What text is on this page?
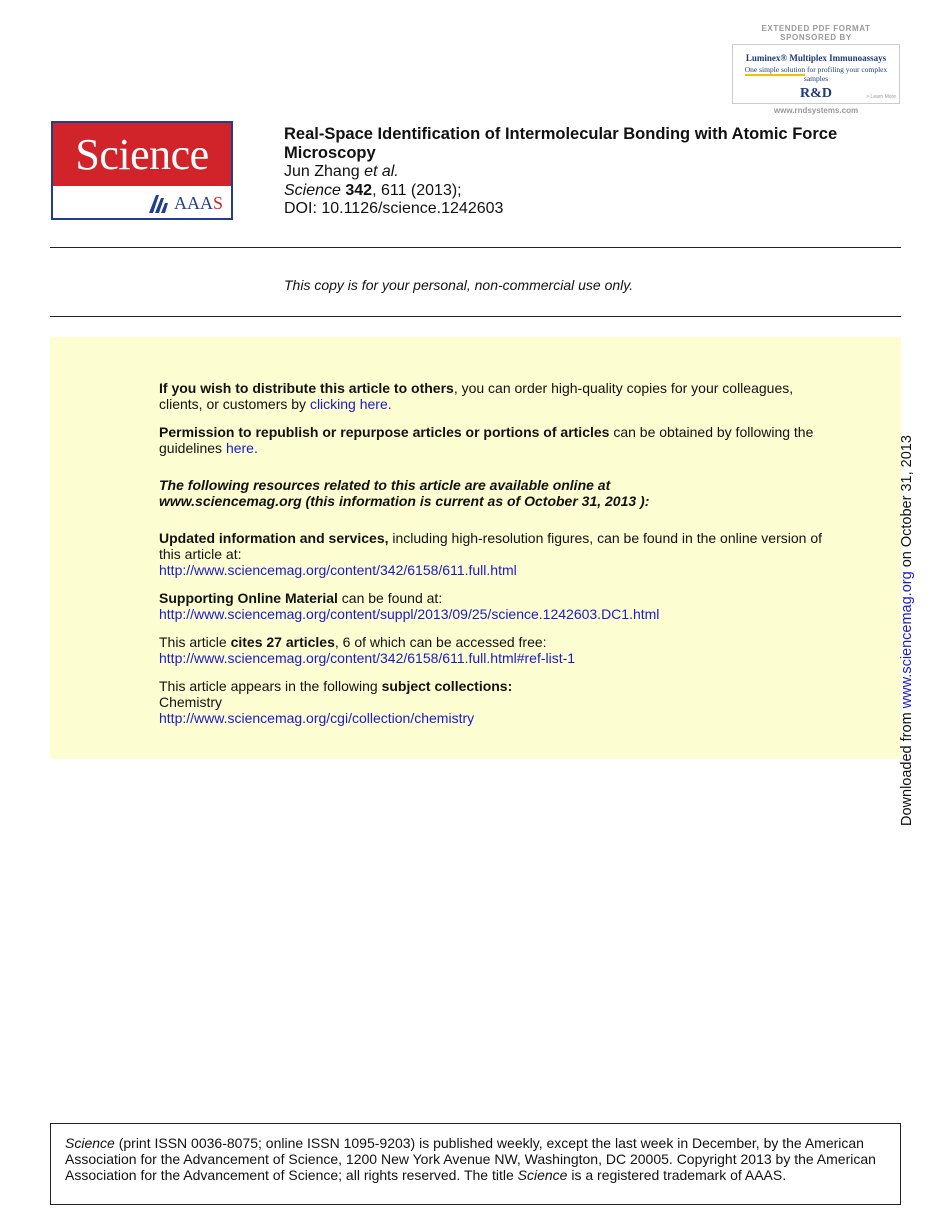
EXTENDED PDF FORMAT
SPONSORED BY
Luminex® Multiplex Immunoassays
One simple solution for profiling your complex samples
R&D	> Learn More
www.rndsystems.com
Science
AAAS

Real-Space Identification of Intermolecular Bonding with Atomic Force Microscopy

Jun Zhang et al.
Science 342, 611 (2013);
DOI: 10.1126/science.1242603
This copy is for your personal, non-commercial use only.

If you wish to distribute this article to others, you can order high-quality copies for your colleagues, clients, or customers by clicking here.

Permission to republish or repurpose articles or portions of articles can be obtained by following the guidelines here.

The following resources related to this article are available online at
www.sciencemag.org (this information is current as of October 31, 2013 ):

Updated information and services, including high-resolution figures, can be found in the online version of this article at:
http://www.sciencemag.org/content/342/6158/611.full.html

Supporting Online Material can be found at:
http://www.sciencemag.org/content/suppl/2013/09/25/science.1242603.DC1.html

This article cites 27 articles, 6 of which can be accessed free:
http://www.sciencemag.org/content/342/6158/611.full.html#ref-list-1

This article appears in the following subject collections:
Chemistry
http://www.sciencemag.org/cgi/collection/chemistry	Downloaded from www.sciencemag.org on October 31, 2013

Science (print ISSN 0036-8075; online ISSN 1095-9203) is published weekly, except the last week in December, by the American Association for the Advancement of Science, 1200 New York Avenue NW, Washington, DC 20005. Copyright 2013 by the American Association for the Advancement of Science; all rights reserved. The title Science is a registered trademark of AAAS.
